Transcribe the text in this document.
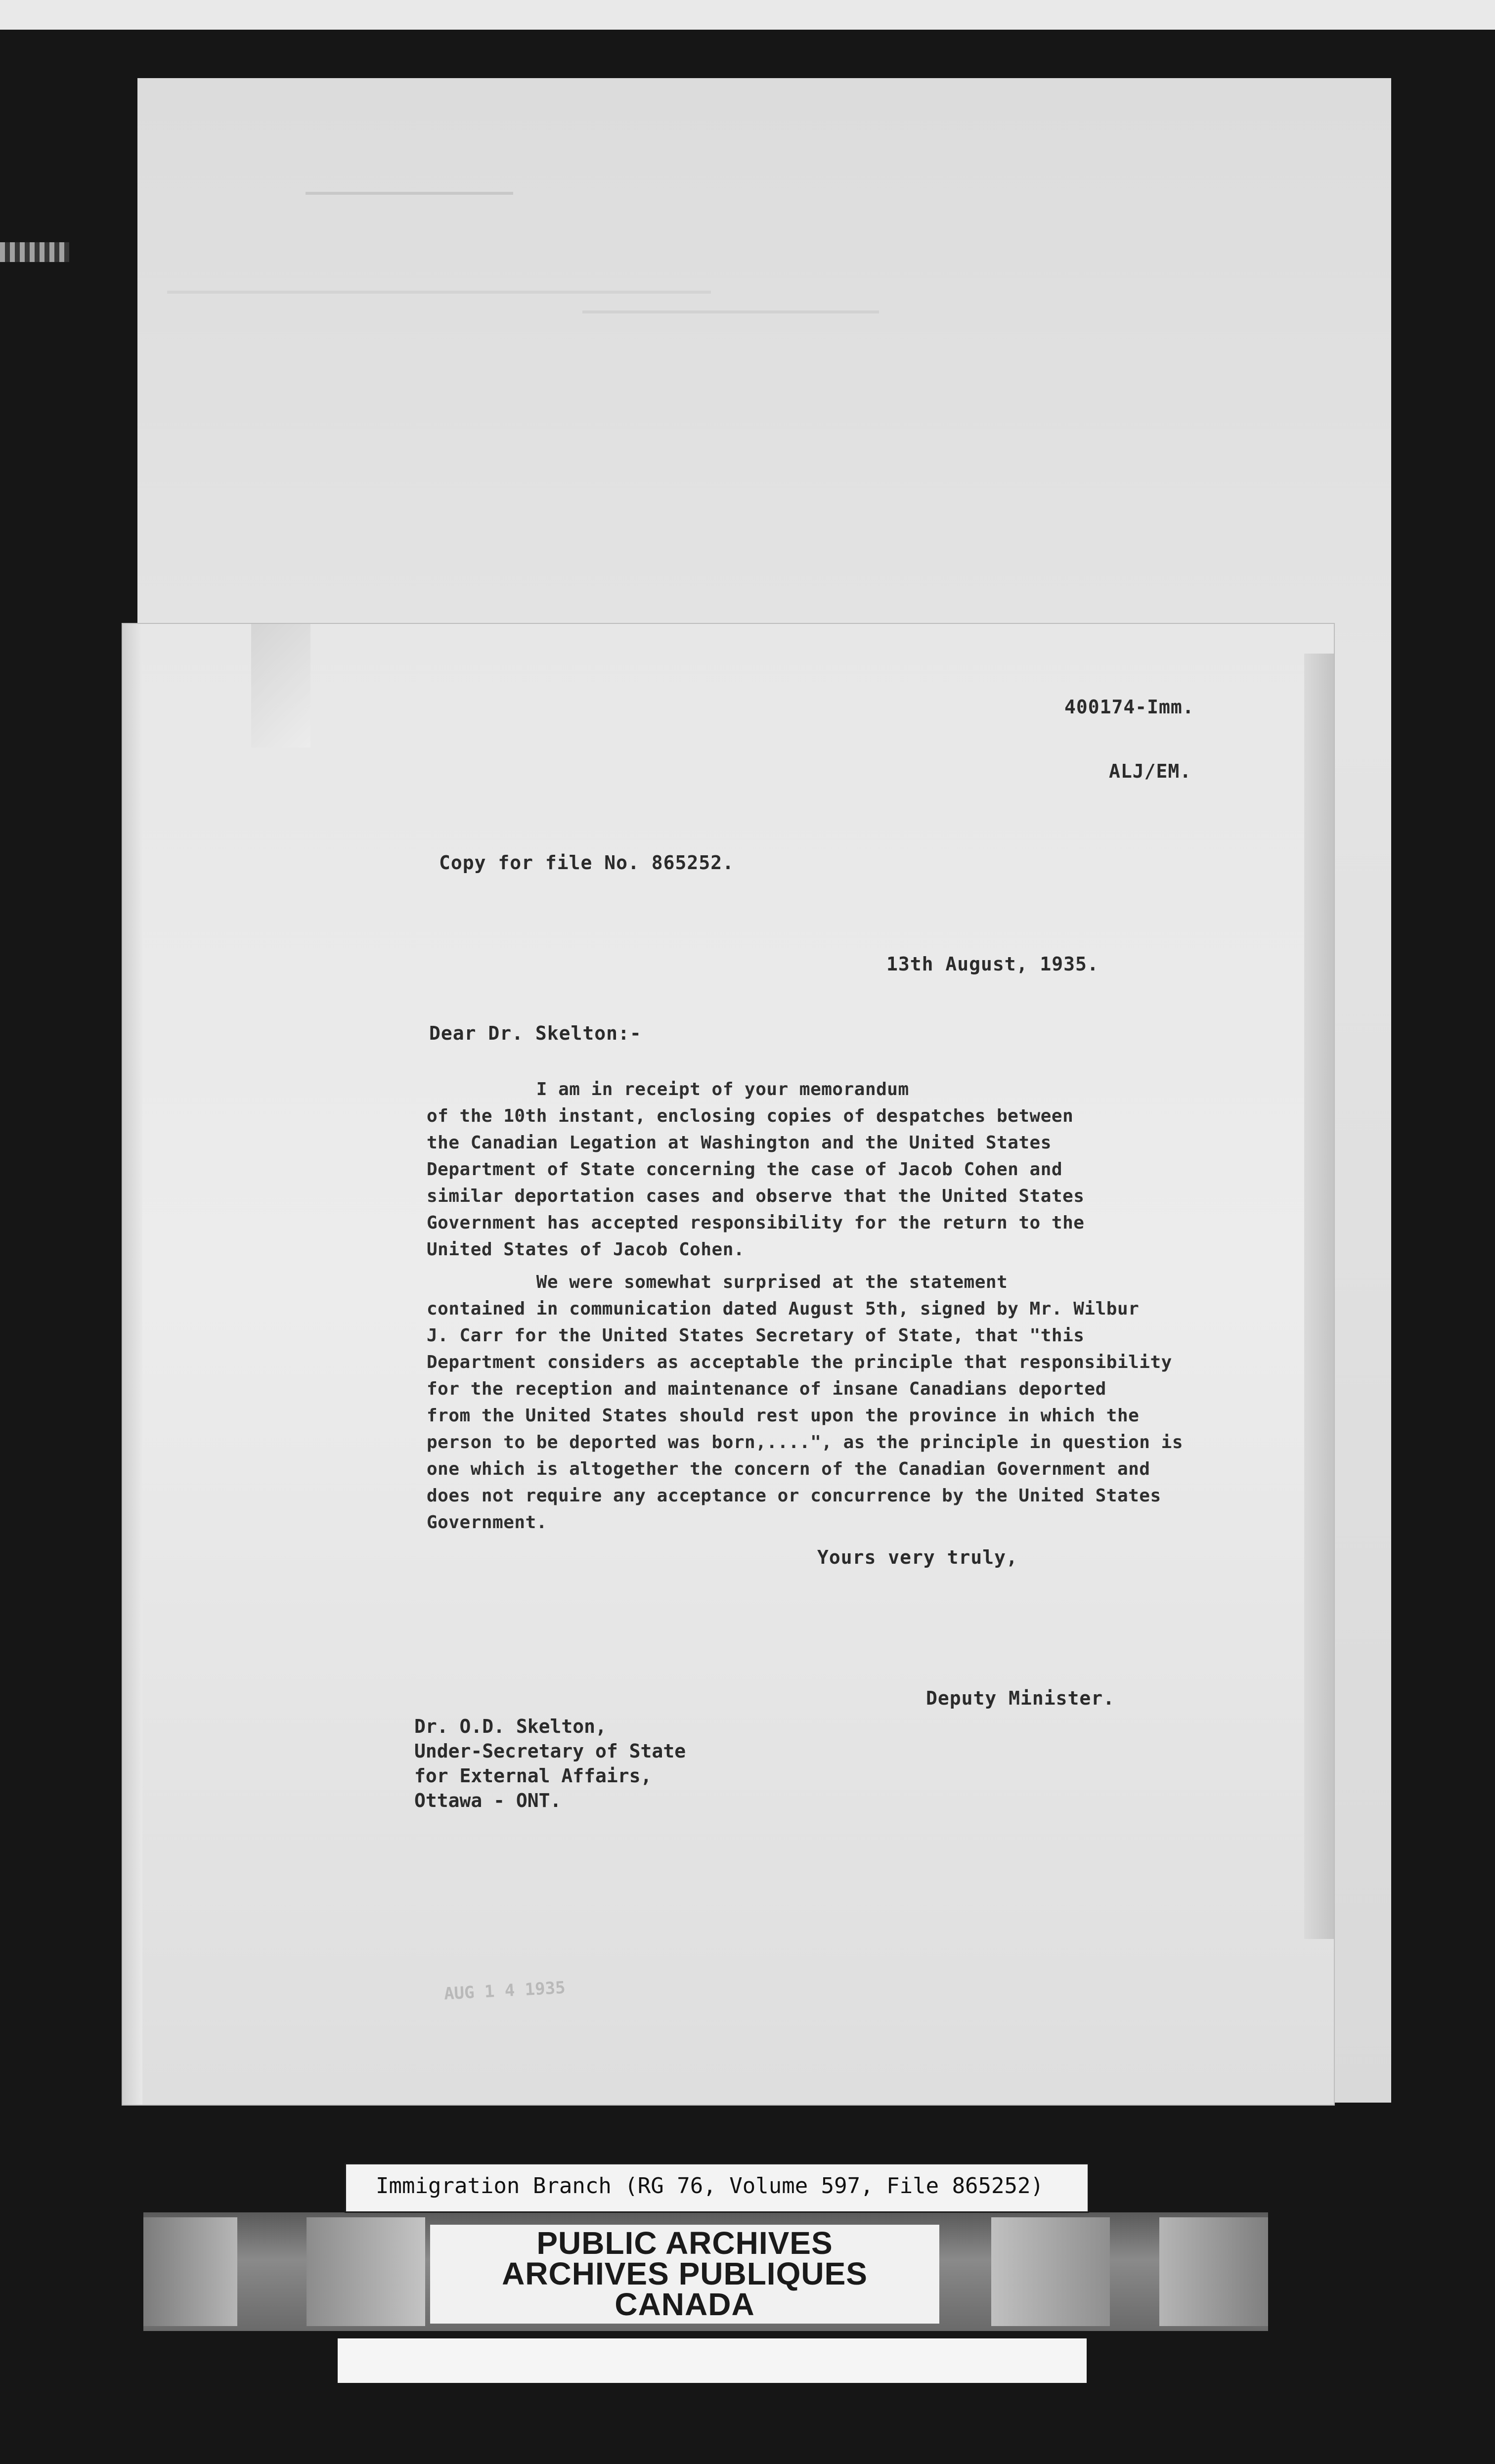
400174-Imm.
ALJ/EM.
Copy for file No. 865252.
13th August, 1935.
Dear Dr. Skelton:-
I am in receipt of your memorandum
of the 10th instant, enclosing copies of despatches between
the Canadian Legation at Washington and the United States
Department of State concerning the case of Jacob Cohen and
similar deportation cases and observe that the United States
Government has accepted responsibility for the return to the
United States of Jacob Cohen.
We were somewhat surprised at the statement
contained in communication dated August 5th, signed by Mr. Wilbur
J. Carr for the United States Secretary of State, that "this
Department considers as acceptable the principle that responsibility
for the reception and maintenance of insane Canadians deported
from the United States should rest upon the province in which the
person to be deported was born,....", as the principle in question is
one which is altogether the concern of the Canadian Government and
does not require any acceptance or concurrence by the United States
Government.
Yours very truly,
Deputy Minister.
Dr. O.D. Skelton,
Under-Secretary of State
for External Affairs,
Ottawa - ONT.
AUG 1 4 1935
Immigration Branch (RG 76, Volume 597, File 865252)
PUBLIC ARCHIVES
ARCHIVES PUBLIQUES
CANADA
